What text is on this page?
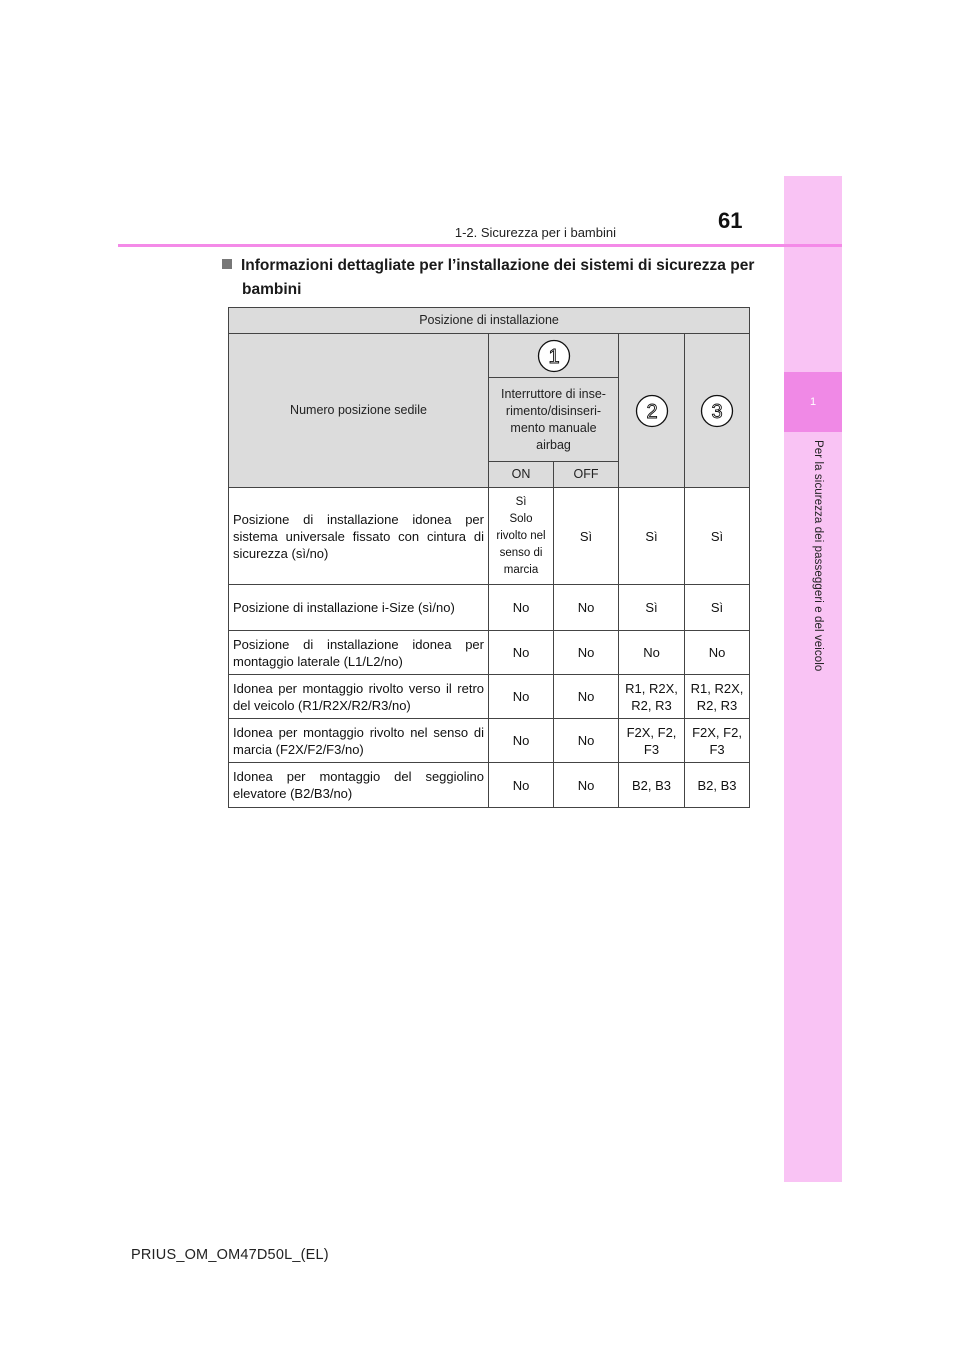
1
Per la sicurezza dei passeggeri e del veicolo
1-2. Sicurezza per i bambini	61
Informazioni dettagliate per l’installazione dei sistemi di sicurezza per
bambini
Posizione di installazione				
Numero posizione sedile	1		2	3

	Interruttore di inse-
rimento/disinseri-
mento manuale
airbag			

	ON	OFF		
Posizione di installazione idonea per sistema universale fissato con cintura di sicurezza (sì/no)	Sì
Solo
rivolto nel
senso di
marcia	Sì	Sì	Sì
Posizione di installazione i-Size (sì/no)	No	No	Sì	Sì
Posizione di installazione idonea per montaggio laterale (L1/L2/no)	No	No	No	No
Idonea per montaggio rivolto verso il retro del veicolo (R1/R2X/R2/R3/no)	No	No	R1, R2X,
R2, R3	R1, R2X,
R2, R3

Idonea per montaggio rivolto nel senso di marcia (F2X/F2/F3/no)	No	No	F2X, F2,
F3	F2X, F2,
F3

Idonea per montaggio del seggiolino elevatore (B2/B3/no)	No	No	B2, B3	B2, B3
PRIUS_OM_OM47D50L_(EL)
